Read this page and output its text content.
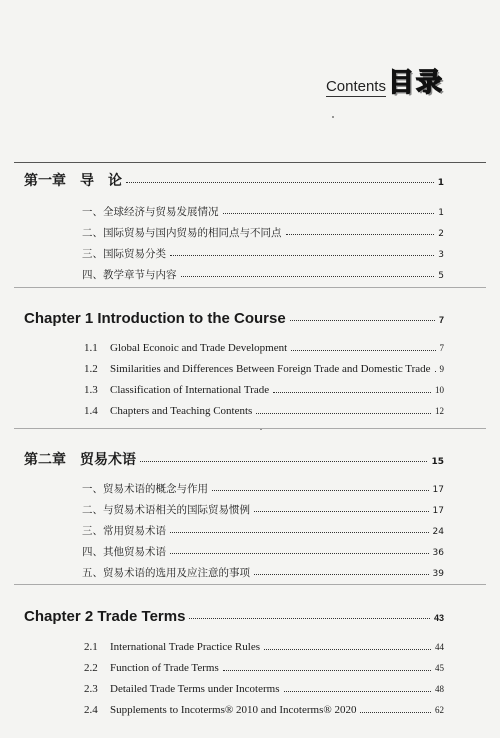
Contents 目录
第一章　导　论	1
一、全球经济与贸易发展情况	1
二、国际贸易与国内贸易的相同点与不同点	2
三、国际贸易分类	3
四、教学章节与内容	5
Chapter 1 Introduction to the Course	7
1.1 Global Econoic and Trade Development	7
1.2 Similarities and Differences Between Foreign Trade and Domestic Trade 9
1.3 Classification of International Trade	10
1.4 Chapters and Teaching Contents	12
第二章　贸易术语	15
一、贸易术语的概念与作用	17
二、与贸易术语相关的国际贸易惯例	17
三、常用贸易术语	24
四、其他贸易术语	36
五、贸易术语的选用及应注意的事项	39
Chapter 2 Trade Terms	43
2.1 International Trade Practice Rules	44
2.2 Function of Trade Terms	45
2.3 Detailed Trade Terms under Incoterms	48
2.4 Supplements to Incoterms® 2010 and Incoterms® 2020	62
